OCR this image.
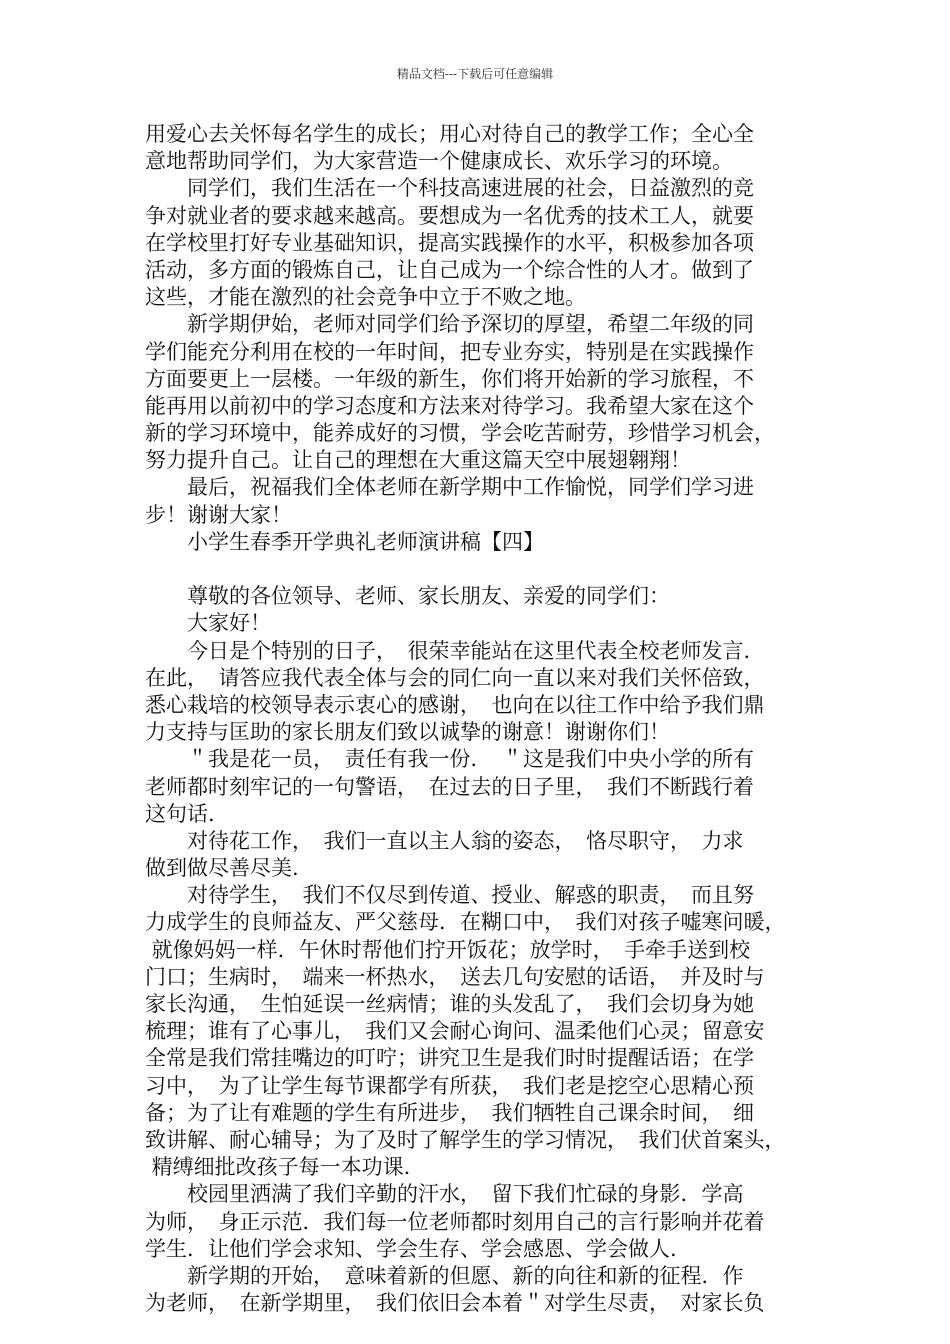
精品文档---下载后可任意编辑
用爱心去关怀每名学生的成长；用心对待自己的教学工作；全心全
意地帮助同学们，为大家营造一个健康成长、欢乐学习的环境。
　　同学们，我们生活在一个科技高速进展的社会，日益激烈的竞
争对就业者的要求越来越高。要想成为一名优秀的技术工人，就要
在学校里打好专业基础知识，提高实践操作的水平，积极参加各项
活动，多方面的锻炼自己，让自己成为一个综合性的人才。做到了
这些，才能在激烈的社会竞争中立于不败之地。
　　新学期伊始，老师对同学们给予深切的厚望，希望二年级的同
学们能充分利用在校的一年时间，把专业夯实，特别是在实践操作
方面要更上一层楼。一年级的新生，你们将开始新的学习旅程，不
能再用以前初中的学习态度和方法来对待学习。我希望大家在这个
新的学习环境中，能养成好的习惯，学会吃苦耐劳，珍惜学习机会，
努力提升自己。让自己的理想在大重这篇天空中展翅翱翔！
　　最后，祝福我们全体老师在新学期中工作愉悦，同学们学习进
步！谢谢大家！
　　小学生春季开学典礼老师演讲稿【四】
　　尊敬的各位领导、老师、家长朋友、亲爱的同学们：
　　大家好！
　　今日是个特别的日子，　很荣幸能站在这里代表全校老师发言．
在此，　请答应我代表全体与会的同仁向一直以来对我们关怀倍致，
悉心栽培的校领导表示衷心的感谢，　也向在以往工作中给予我们鼎
力支持与匡助的家长朋友们致以诚挚的谢意！谢谢你们！
　　＂我是花一员，　责任有我一份．　＂这是我们中央小学的所有
老师都时刻牢记的一句警语，　在过去的日子里，　我们不断践行着
这句话.
　　对待花工作，　我们一直以主人翁的姿态，　恪尽职守，　力求
做到做尽善尽美.
　　对待学生，　我们不仅尽到传道、授业、解惑的职责，　而且努
力成学生的良师益友、严父慈母．在糊口中，　我们对孩子嘘寒问暖，
就像妈妈一样．午休时帮他们拧开饭花；放学时，　手牵手送到校
门口；生病时，　端来一杯热水，　送去几句安慰的话语，　并及时与
家长沟通，　生怕延误一丝病情；谁的头发乱了，　我们会切身为她
梳理；谁有了心事儿，　我们又会耐心询问、温柔他们心灵；留意安
全常是我们常挂嘴边的叮咛；讲究卫生是我们时时提醒话语；在学
习中，　为了让学生每节课都学有所获，　我们老是挖空心思精心预
备；为了让有难题的学生有所进步，　我们牺牲自己课余时间，　细
致讲解、耐心辅导；为了及时了解学生的学习情况，　我们伏首案头，
精缚细批改孩子每一本功课.
　　校园里洒满了我们辛勤的汗水，　留下我们忙碌的身影．学高
为师，　身正示范．我们每一位老师都时刻用自己的言行影响并花着
学生．让他们学会求知、学会生存、学会感恩、学会做人.
　　新学期的开始，　意味着新的但愿、新的向往和新的征程．作
为老师，　在新学期里，　我们依旧会本着＂对学生尽责，　对家长负
